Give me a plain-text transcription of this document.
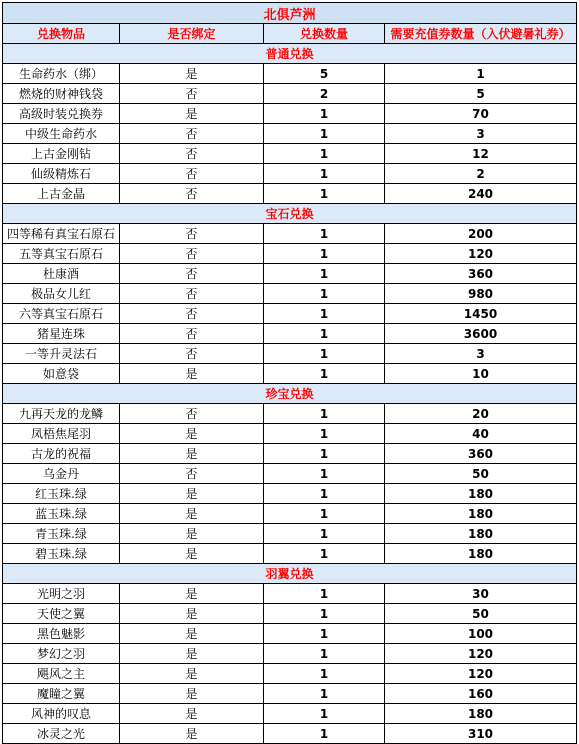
北俱芦洲			
兑换物品	是否绑定	兑换数量	需要充值券数量（入伏避暑礼券）
普通兑换			
生命药水（绑）	是	5	1
燃烧的财神钱袋	否	2	5
高级时装兑换券	是	1	70
中级生命药水	否	1	3
上古金刚钻	否	1	12
仙级精炼石	否	1	2
上古金晶	否	1	240
宝石兑换			
四等稀有真宝石原石	否	1	200
五等真宝石原石	否	1	120
杜康酒	否	1	360
极品女儿红	否	1	980
六等真宝石原石	否	1	1450
猪星连珠	否	1	3600
一等升灵法石	否	1	3
如意袋	是	1	10
珍宝兑换			
九再天龙的龙鳞	否	1	20
凤梧焦尾羽	是	1	40
古龙的祝福	是	1	360
乌金丹	否	1	50
红玉珠.绿	是	1	180
蓝玉珠.绿	是	1	180
青玉珠.绿	是	1	180
碧玉珠.绿	是	1	180
羽翼兑换			
光明之羽	是	1	30
天使之翼	是	1	50
黑色魅影	是	1	100
梦幻之羽	是	1	120
飓风之主	是	1	120
魔瞳之翼	是	1	160
风神的叹息	是	1	180
冰灵之光	是	1	310
